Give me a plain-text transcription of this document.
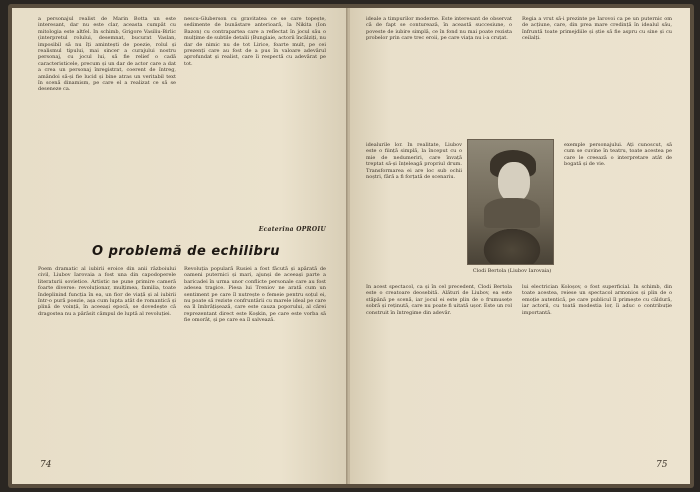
a personajul realist de Marin Botta un este interesant, dar nu este clar, aceasta cumpăt cu mitologia este altfel. In schimb, Grigore Vasiliu-Birlic (interpretul rolului, desemnat, bucurat Vaslan, imposibil să nu îți amintești de poezie, rolul și realismul tipului, mai sincer a curajului nostru personaj, cu jocul lui, să fie relief o cadă caracteristicele, precum și un dar de actor care a dat a crea un personaj înregistrat, coerent de întreg, amândoi să-și fie lucid și bine atras un veritabil text în scenă dinamism, pe care el a realizat ce să se deseneze ca.

nescu-Gluberson cu gravitatea ce se care topește, sedimente de bunăstare anterioară, la Nikita (Ion Bazon) cu contrapartea care a reflectat în jocul său o mulțime de subtile detalii (Bungiaie, actorii încălziți, nu dar de nimic nu de tot Lirice, foarte mult, pe cei prezenți care au fost de a pus în valoare adevărul aprofundat și realist, care îi respectă cu adevărat pe tot.

Ecaterina OPROIU
O problemă de echilibru

Poem dramatic al iubirii eroice din anii războiului civil, Liubov Iarovaia a fost una din capodoperele literaturii sovietice. Artistic ne pune primire cameră foarte diverse: revoluționar, mulțimea, familia, toate îndeplinind funcția în ea, un fior de viață și al iubirii într-o pură poezie, așa cum lupta atât de romantică și plină de voință, în aceeași epocă, se dovedește că dragostea nu a părăsit câmpul de luptă al revoluției.

Revoluția populară Rusiei a fost făcută și apărată de oameni puternici și mari, ajunși de aceeași parte a baricadei în urma unor conflicte personale care au fost adesea tragice. Piesa lui Treniov ne arată cum un sentiment pe care îl nutrește o femeie pentru soțul ei, nu poate să reziste confruntării cu marele ideal pe care ea îl îmbrățișează, care este cauza poporului, al cărei reprezentant direct este Koșkin, pe care este vorba să fie omorât, și pe care ea îl salvează.

74

ideale a timpurilor moderne. Este interesant de observat că de fapt se conturează, în această succesiune, o poveste de iubire simplă, ce în fond nu mai poate rezista probelor prin care trec eroii, pe care viața nu i-a cruțat.

Regia a vrut să-i prezinte pe Iarovoi ca pe un puternic om de acțiune, care, din prea mare credință în idealul său, înfruntă toate primejdiile și știe să fie aspru cu sine și cu ceilalți.

idealurile lor. In realitate, Liubov este o ființă simplă, la început cu o mie de nedumeriri, care învață treptat să-și înțeleagă propriul drum. Transformarea ei are loc sub ochii noștri, fără a fi forțată de scenariu.

Clodi Bertola (Liubov Iarovaia)

exemple personajului. Ați cunoscut, să cum se cuvine în teatru, toate acestea pe care le creează o interpretare atât de bogată și de vie.

In acest spectacol, ca și în cel precedent, Clodi Bertola este o creatoare deosebită. Alături de Liubov, ea este stăpână pe scenă, iar jocul ei este plin de o frumusețe sobră și reținută, care nu poate fi uitată ușor. Este un rol construit în întregime din adevăr.

lui electrician Koloșov, o fost superficial. In schimb, din toate acestea, reiese un spectacol armonios și plin de o emoție autentică, pe care publicul îl primește cu căldură, iar actorii, cu toată modestia lor, îi aduc o contribuție importantă.

75
